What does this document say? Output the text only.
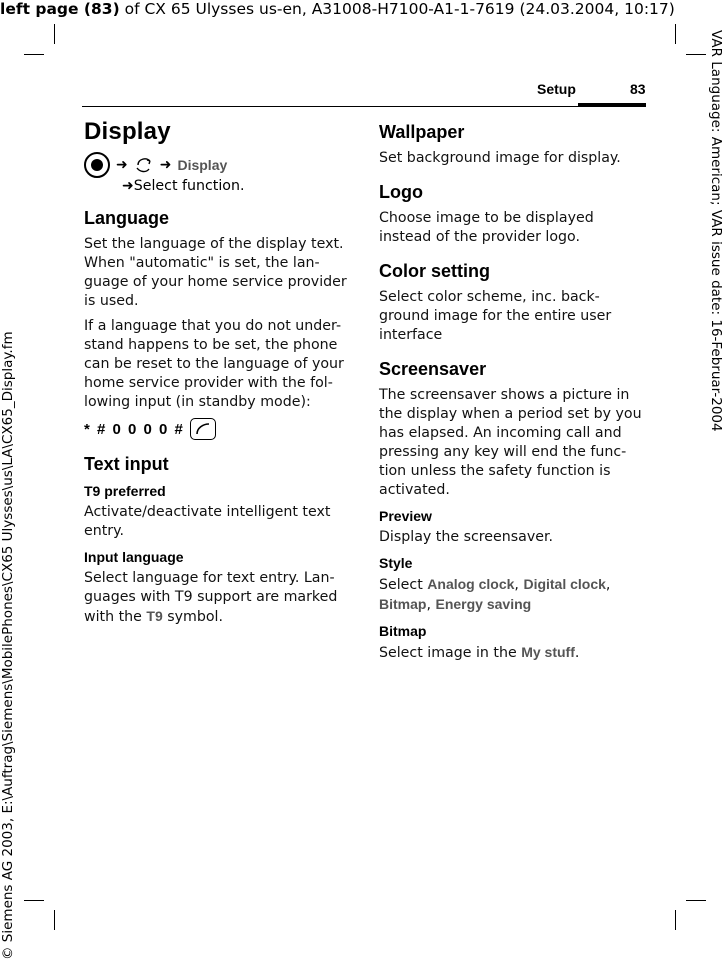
left page (83) of CX 65 Ulysses us-en, A31008-H7100-A1-1-7619 (24.03.2004, 10:17)
VAR Language: American; VAR issue date: 16-Februar-2004
© Siemens AG 2003, E:\Auftrag\Siemens\MobilePhones\CX65 Ulysses\us\LA\CX65_Display.fm
Setup	83
Display
➜ ➜ Display
➜Select function.
Language

Set the language of the display text. When "automatic" is set, the lan-guage of your home service provider is used.

If a language that you do not under-stand happens to be set, the phone can be reset to the language of your home service provider with the fol-lowing input (in standby mode):

* # 0 0 0 0 #
Text input
T9 preferred

Activate/deactivate intelligent text entry.

Input language

Select language for text entry. Lan-guages with T9 support are marked with the T9 symbol.

Wallpaper

Set background image for display.

Logo

Choose image to be displayed instead of the provider logo.

Color setting

Select color scheme, inc. back-ground image for the entire user interface

Screensaver

The screensaver shows a picture in the display when a period set by you has elapsed. An incoming call and pressing any key will end the func-tion unless the safety function is activated.

Preview

Display the screensaver.

Style

Select Analog clock, Digital clock,
Bitmap, Energy saving

Bitmap

Select image in the My stuff.
